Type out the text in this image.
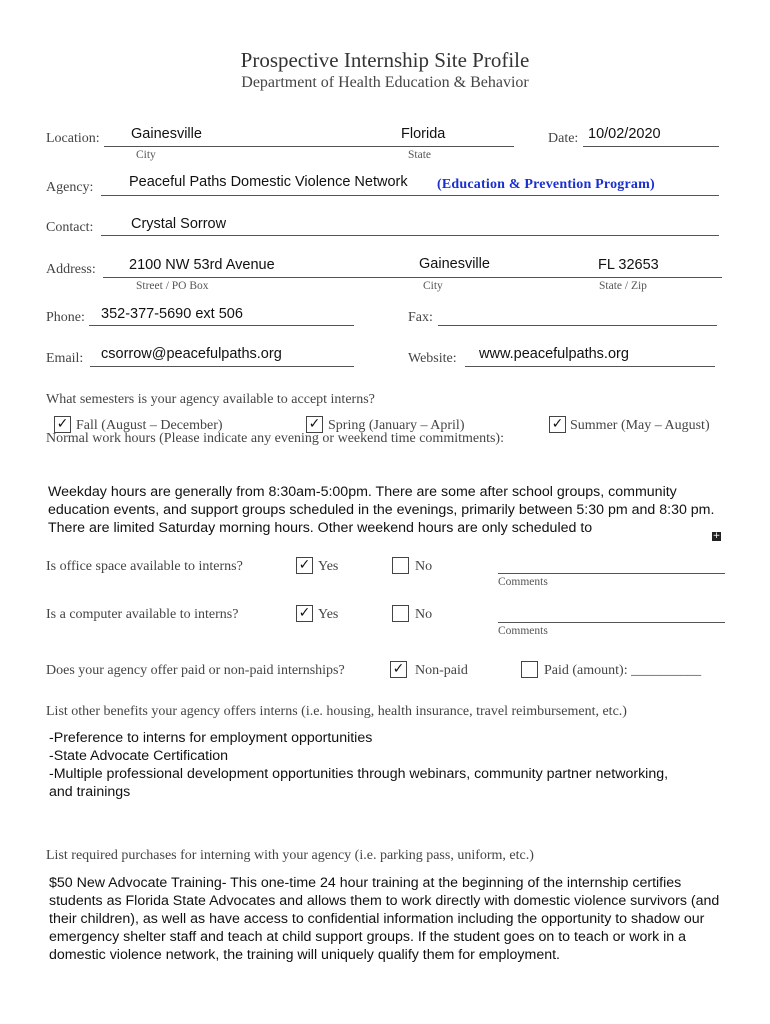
Prospective Internship Site Profile
Department of Health Education & Behavior
Location: Gainesville
City
Florida
State
Date: 10/02/2020
Agency: Peaceful Paths Domestic Violence Network (Education & Prevention Program)
Contact:	Crystal Sorrow
Address: 2100 NW 53rd Avenue
Street / PO Box
Gainesville
City
FL 32653
State / Zip
Phone: 352-377-5690 ext 506	Fax:
Email: csorrow@peacefulpaths.org	Website: www.peacefulpaths.org
What semesters is your agency available to accept interns?
✓ Fall (August – December)	✓ Spring (January – April)	✓ Summer (May – August)
Normal work hours (Please indicate any evening or weekend time commitments):
Weekday hours are generally from 8:30am-5:00pm. There are some after school groups, community education events, and support groups scheduled in the evenings, primarily between 5:30 pm and 8:30 pm. There are limited Saturday morning hours. Other weekend hours are only scheduled to	+
Is office space available to interns?	✓ Yes	No
Comments
Is a computer available to interns?	✓ Yes	No
Comments
Does your agency offer paid or non-paid internships?	✓ Non-paid	Paid (amount): __________
List other benefits your agency offers interns (i.e. housing, health insurance, travel reimbursement, etc.)
-Preference to interns for employment opportunities
-State Advocate Certification
-Multiple professional development opportunities through webinars, community partner networking,
and trainings
List required purchases for interning with your agency (i.e. parking pass, uniform, etc.)
$50 New Advocate Training- This one-time 24 hour training at the beginning of the internship certifies students as Florida State Advocates and allows them to work directly with domestic violence survivors (and their children), as well as have access to confidential information including the opportunity to shadow our emergency shelter staff and teach at child support groups. If the student goes on to teach or work in a domestic violence network, the training will uniquely qualify them for employment.
